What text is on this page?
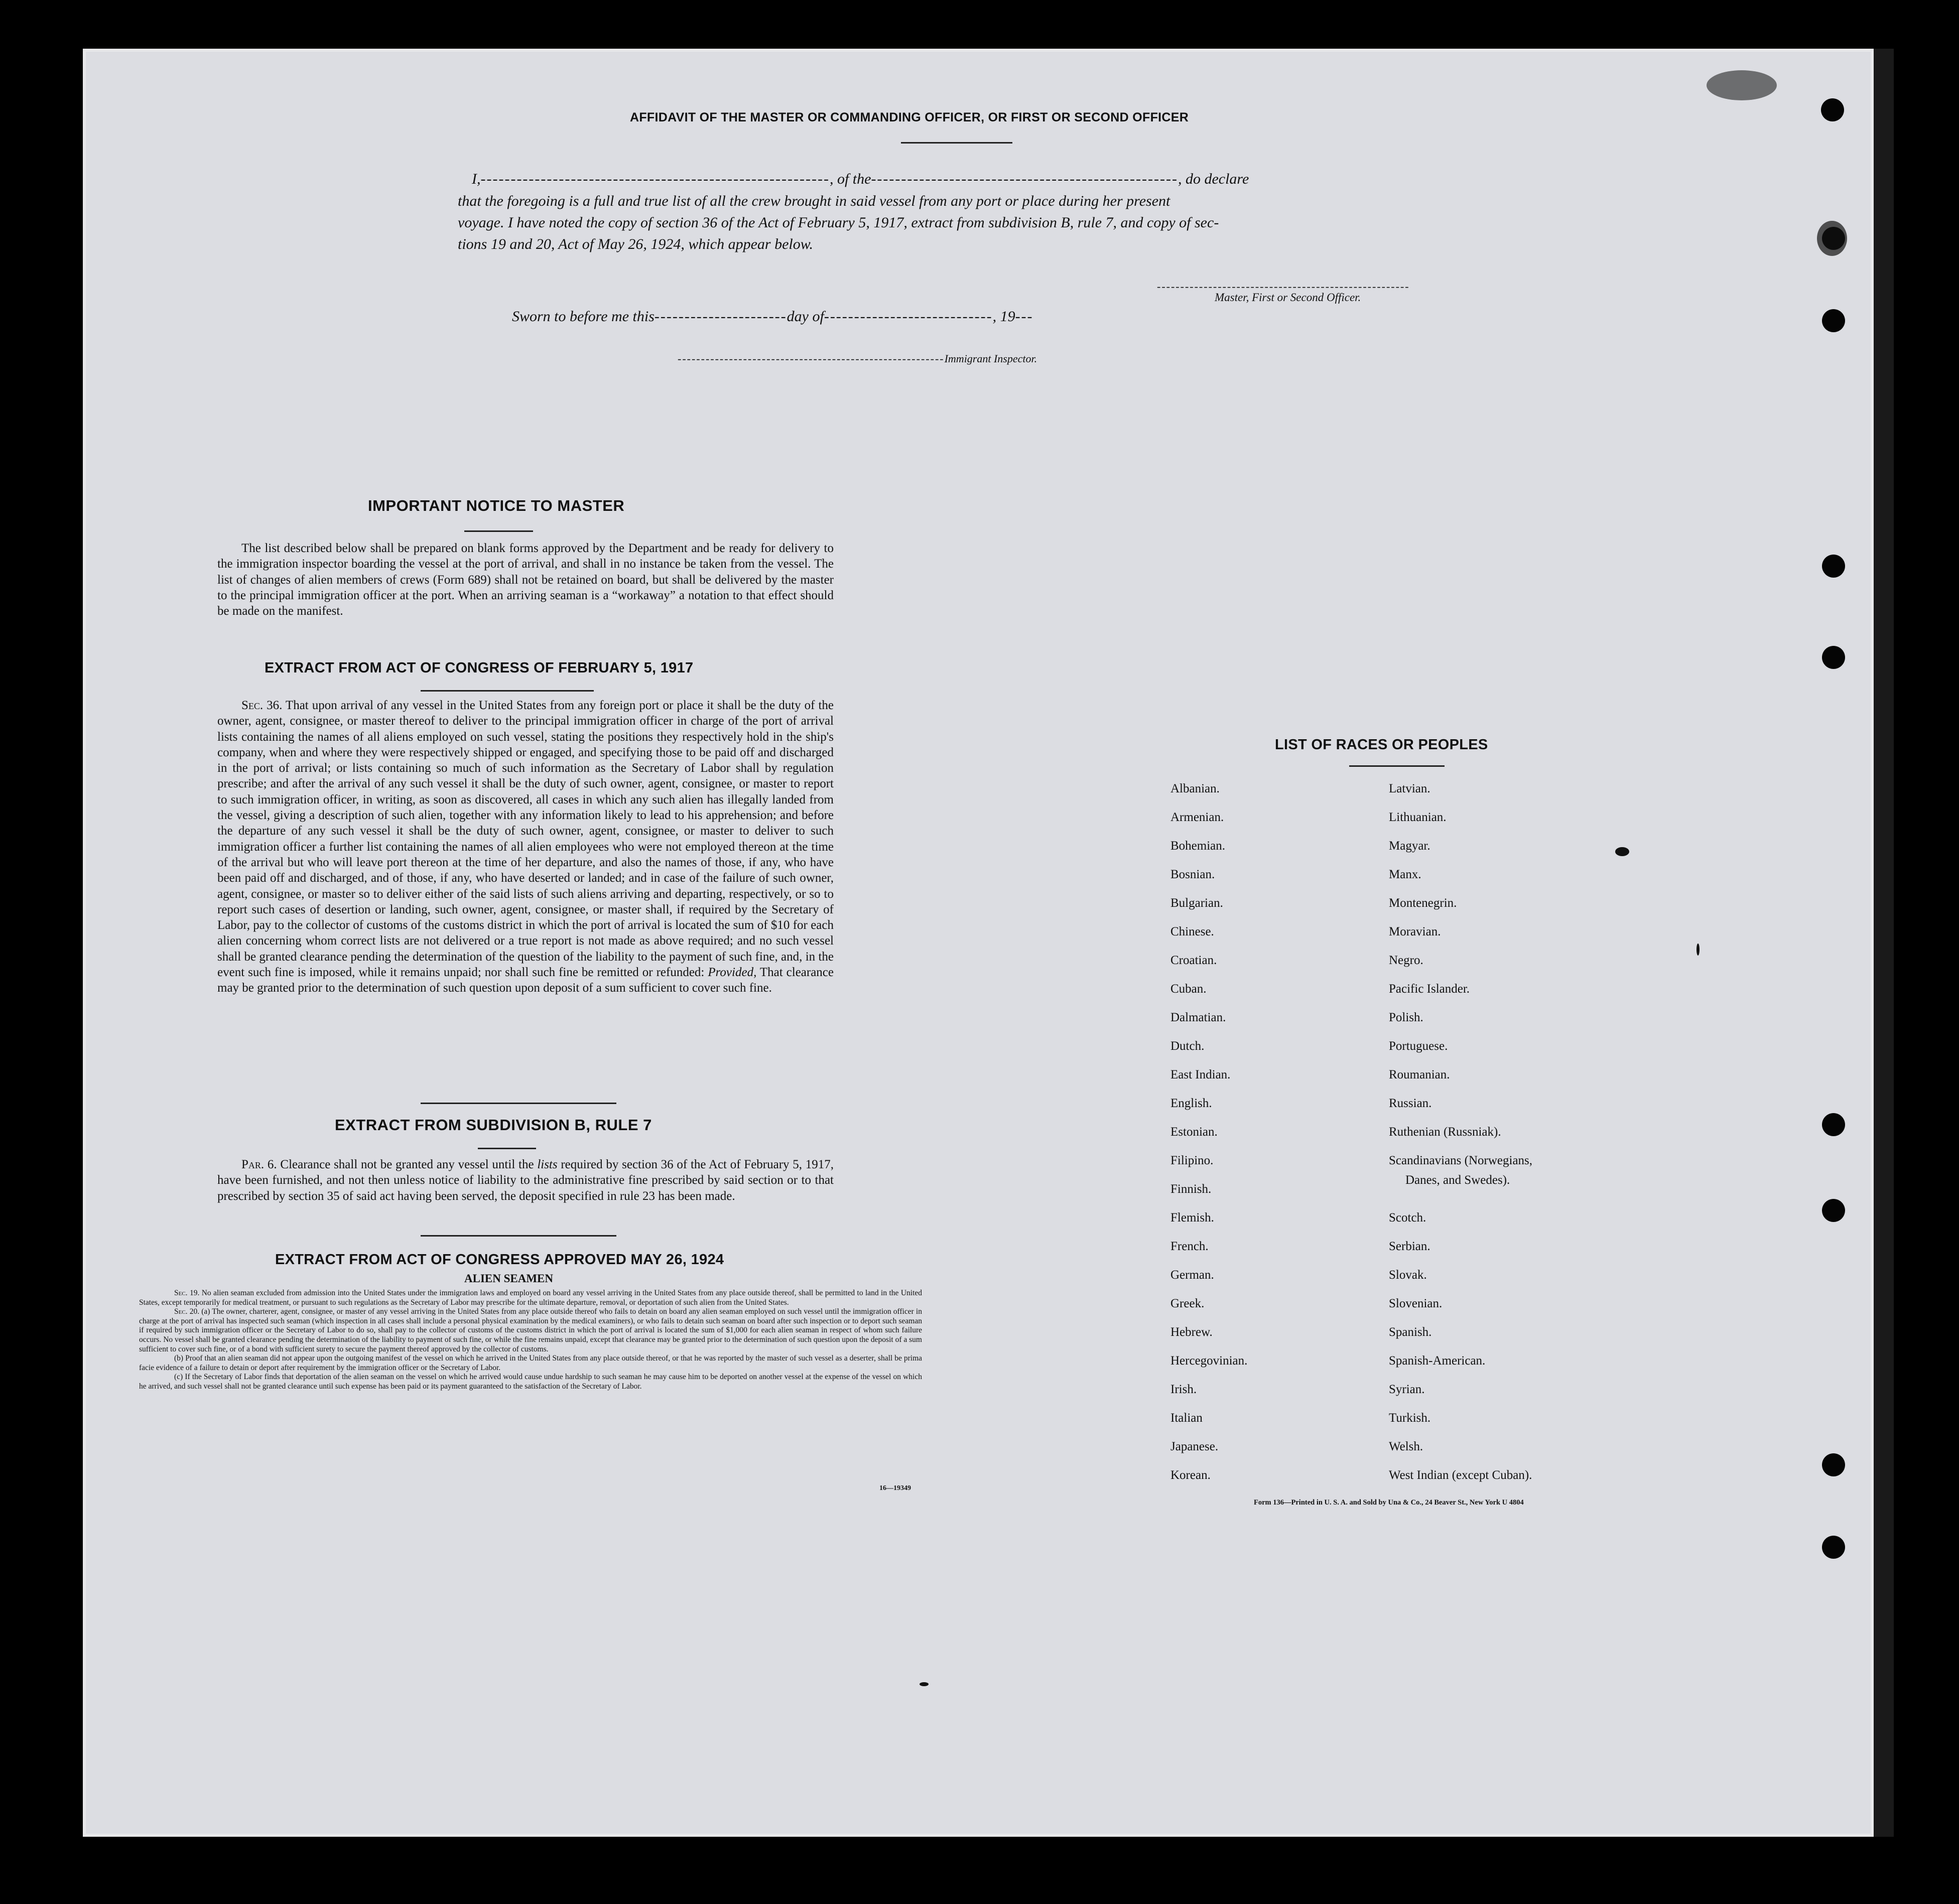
AFFIDAVIT OF THE MASTER OR COMMANDING OFFICER, OR FIRST OR SECOND OFFICER
I,----------------------------------------------------------, of the---------------------------------------------------, do declare
that the foregoing is a full and true list of all the crew brought in said vessel from any port or place during her present
voyage. I have noted the copy of section 36 of the Act of February 5, 1917, extract from subdivision B, rule 7, and copy of sec-
tions 19 and 20, Act of May 26, 1924, which appear below.
------------------------------------------------------
Master, First or Second Officer.
Sworn to before me this----------------------day of----------------------------, 19---
---------------------------------------------------------Immigrant Inspector.
IMPORTANT NOTICE TO MASTER
The list described below shall be prepared on blank forms approved by the Department and be ready for delivery to the immigration inspector boarding the vessel at the port of arrival, and shall in no instance be taken from the vessel. The list of changes of alien members of crews (Form 689) shall not be retained on board, but shall be delivered by the master to the principal immigration officer at the port. When an arriving seaman is a “workaway” a notation to that effect should be made on the manifest.
EXTRACT FROM ACT OF CONGRESS OF FEBRUARY 5, 1917
Sec. 36. That upon arrival of any vessel in the United States from any foreign port or place it shall be the duty of the owner, agent, consignee, or master thereof to deliver to the principal immigration officer in charge of the port of arrival lists containing the names of all aliens employed on such vessel, stating the positions they respectively hold in the ship's company, when and where they were respectively shipped or engaged, and specifying those to be paid off and discharged in the port of arrival; or lists containing so much of such information as the Secretary of Labor shall by regulation prescribe; and after the arrival of any such vessel it shall be the duty of such owner, agent, consignee, or master to report to such immigration officer, in writing, as soon as discovered, all cases in which any such alien has illegally landed from the vessel, giving a description of such alien, together with any information likely to lead to his apprehension; and before the departure of any such vessel it shall be the duty of such owner, agent, consignee, or master to deliver to such immigration officer a further list containing the names of all alien employees who were not employed thereon at the time of the arrival but who will leave port thereon at the time of her departure, and also the names of those, if any, who have been paid off and discharged, and of those, if any, who have deserted or landed; and in case of the failure of such owner, agent, consignee, or master so to deliver either of the said lists of such aliens arriving and departing, respectively, or so to report such cases of desertion or landing, such owner, agent, consignee, or master shall, if required by the Secretary of Labor, pay to the collector of customs of the customs district in which the port of arrival is located the sum of $10 for each alien concerning whom correct lists are not delivered or a true report is not made as above required; and no such vessel shall be granted clearance pending the determination of the question of the liability to the payment of such fine, and, in the event such fine is imposed, while it remains unpaid; nor shall such fine be remitted or refunded: Provided, That clearance may be granted prior to the determination of such question upon deposit of a sum sufficient to cover such fine.
EXTRACT FROM SUBDIVISION B, RULE 7
Par. 6. Clearance shall not be granted any vessel until the lists required by section 36 of the Act of February 5, 1917, have been furnished, and not then unless notice of liability to the administrative fine prescribed by said section or to that prescribed by section 35 of said act having been served, the deposit specified in rule 23 has been made.
EXTRACT FROM ACT OF CONGRESS APPROVED MAY 26, 1924
ALIEN SEAMEN
Sec. 19. No alien seaman excluded from admission into the United States under the immigration laws and employed on board any vessel arriving in the United States from any place outside thereof, shall be permitted to land in the United States, except temporarily for medical treatment, or pursuant to such regulations as the Secretary of Labor may prescribe for the ultimate departure, removal, or deportation of such alien from the United States.
Sec. 20. (a) The owner, charterer, agent, consignee, or master of any vessel arriving in the United States from any place outside thereof who fails to detain on board any alien seaman employed on such vessel until the immigration officer in charge at the port of arrival has inspected such seaman (which inspection in all cases shall include a personal physical examination by the medical examiners), or who fails to detain such seaman on board after such inspection or to deport such seaman if required by such immigration officer or the Secretary of Labor to do so, shall pay to the collector of customs of the customs district in which the port of arrival is located the sum of $1,000 for each alien seaman in respect of whom such failure occurs. No vessel shall be granted clearance pending the determination of the liability to payment of such fine, or while the fine remains unpaid, except that clearance may be granted prior to the determination of such question upon the deposit of a sum sufficient to cover such fine, or of a bond with sufficient surety to secure the payment thereof approved by the collector of customs.
(b) Proof that an alien seaman did not appear upon the outgoing manifest of the vessel on which he arrived in the United States from any place outside thereof, or that he was reported by the master of such vessel as a deserter, shall be prima facie evidence of a failure to detain or deport after requirement by the immigration officer or the Secretary of Labor.
(c) If the Secretary of Labor finds that deportation of the alien seaman on the vessel on which he arrived would cause undue hardship to such seaman he may cause him to be deported on another vessel at the expense of the vessel on which he arrived, and such vessel shall not be granted clearance until such expense has been paid or its payment guaranteed to the satisfaction of the Secretary of Labor.
16—19349
LIST OF RACES OR PEOPLES
Albanian.
Armenian.
Bohemian.
Bosnian.
Bulgarian.
Chinese.
Croatian.
Cuban.
Dalmatian.
Dutch.
East Indian.
English.
Estonian.
Filipino.
Finnish.
Flemish.
French.
German.
Greek.
Hebrew.
Hercegovinian.
Irish.
Italian
Japanese.
Korean.
Latvian.
Lithuanian.
Magyar.
Manx.
Montenegrin.
Moravian.
Negro.
Pacific Islander.
Polish.
Portuguese.
Roumanian.
Russian.
Ruthenian (Russniak).
Scandinavians (Norwegians,
Danes, and Swedes).
Scotch.
Serbian.
Slovak.
Slovenian.
Spanish.
Spanish-American.
Syrian.
Turkish.
Welsh.
West Indian (except Cuban).
Form 136—Printed in U. S. A. and Sold by Una & Co., 24 Beaver St., New York U 4804
